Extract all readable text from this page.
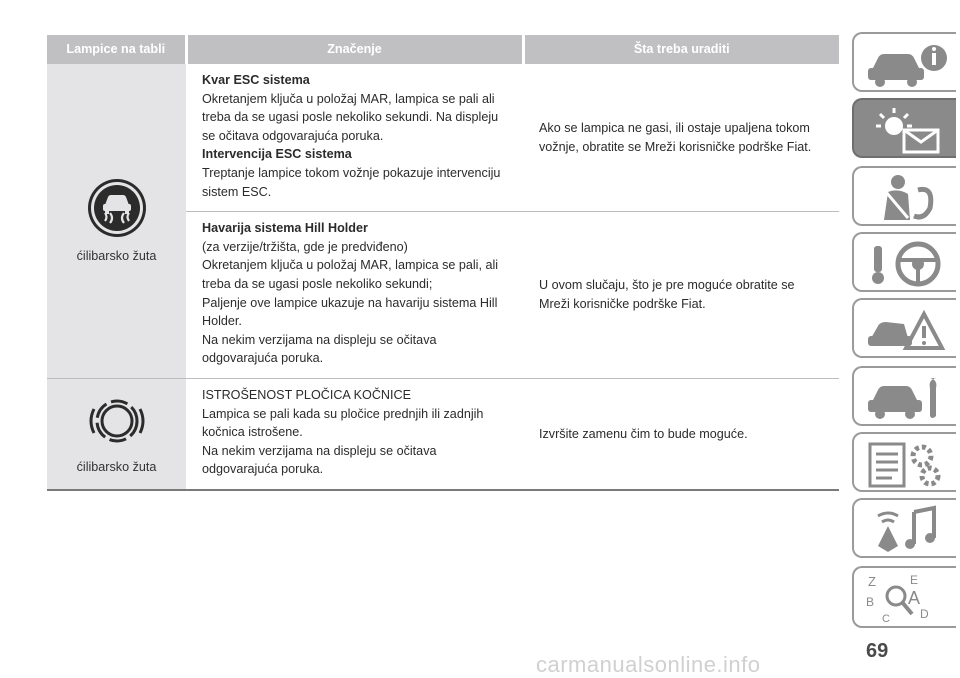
Lampice na tabli	Značenje	Šta treba uraditi

ćilibarsko žuta	Kvar ESC sistema
Okretanjem ključa u položaj MAR, lampica se pali ali treba da se ugasi posle nekoliko sekundi. Na displeju se očitava odgovarajuća poruka.
Intervencija ESC sistema
Treptanje lampice tokom vožnje pokazuje intervenciju sistem ESC.	Ako se lampica ne gasi, ili ostaje upaljena tokom vožnje, obratite se Mreži korisničke podrške Fiat.

	Havarija sistema Hill Holder
(za verzije/tržišta, gde je predviđeno)
Okretanjem ključa u položaj MAR, lampica se pali, ali treba da se ugasi posle nekoliko sekundi;
Paljenje ove lampice ukazuje na havariju sistema Hill Holder.
Na nekim verzijama na displeju se očitava odgovarajuća poruka.	U ovom slučaju, što je pre moguće obratite se Mreži korisničke podrške Fiat.

ćilibarsko žuta	ISTROŠENOST PLOČICA KOČNICE
Lampica se pali kada su pločice prednjih ili zadnjih kočnica istrošene.
Na nekim verzijama na displeju se očitava odgovarajuća poruka.	Izvršite zamenu čim to bude moguće.
Z	E
B A
D
C
69
carmanualsonline.info
